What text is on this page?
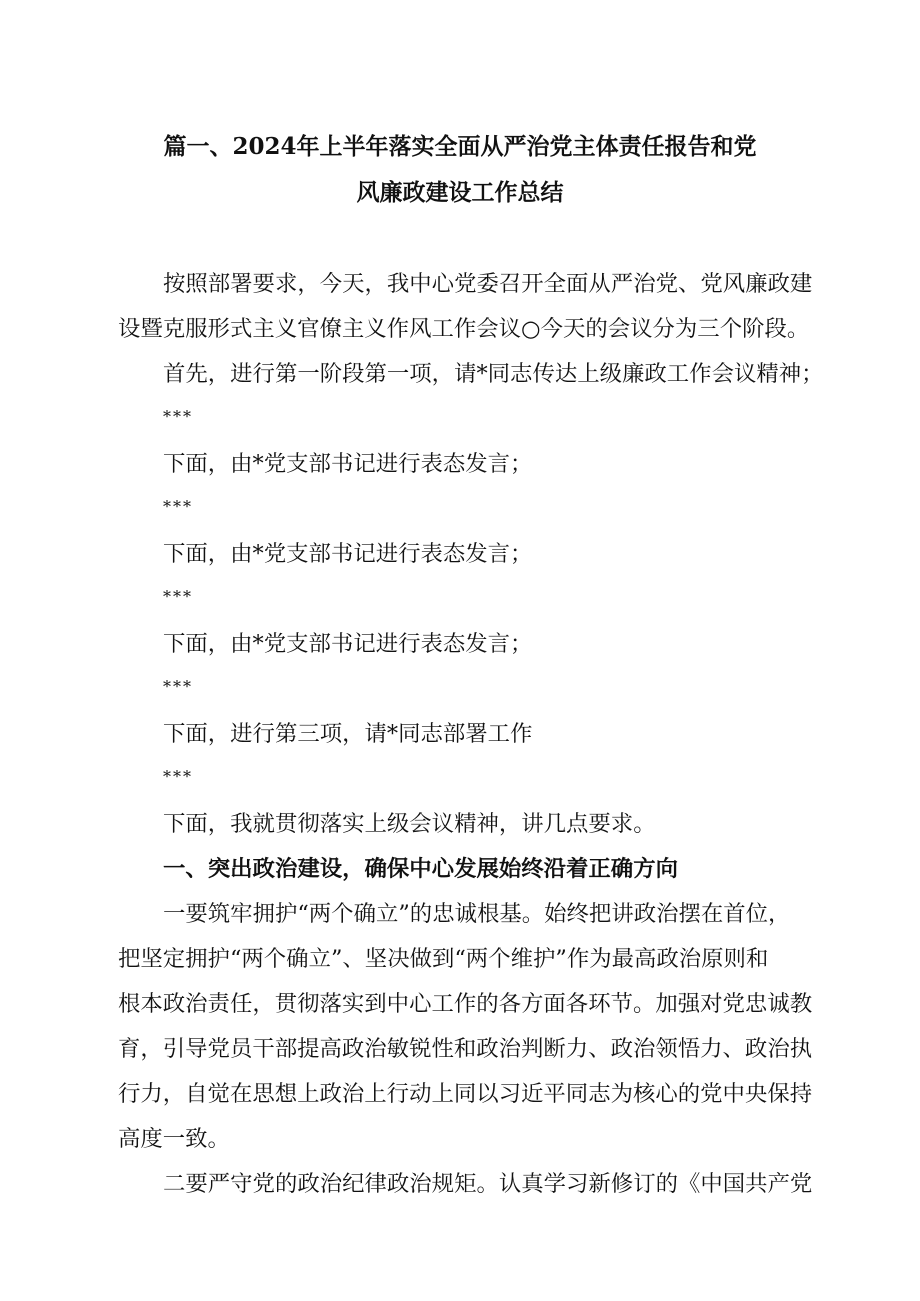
篇一、2024年上半年落实全面从严治党主体责任报告和党
风廉政建设工作总结
按照部署要求，今天，我中心党委召开全面从严治党、党风廉政建
设暨克服形式主义官僚主义作风工作会议○今天的会议分为三个阶段。
首先，进行第一阶段第一项，请*同志传达上级廉政工作会议精神；
***
下面，由*党支部书记进行表态发言；
***
下面，由*党支部书记进行表态发言；
***
下面，由*党支部书记进行表态发言；
***
下面，进行第三项，请*同志部署工作
***
下面，我就贯彻落实上级会议精神，讲几点要求。
一、突出政治建设，确保中心发展始终沿着正确方向
一要筑牢拥护“两个确立”的忠诚根基。始终把讲政治摆在首位，
把坚定拥护“两个确立”、坚决做到“两个维护”作为最高政治原则和
根本政治责任，贯彻落实到中心工作的各方面各环节。加强对党忠诚教
育，引导党员干部提高政治敏锐性和政治判断力、政治领悟力、政治执
行力，自觉在思想上政治上行动上同以习近平同志为核心的党中央保持
高度一致。
二要严守党的政治纪律政治规矩。认真学习新修订的《中国共产党
